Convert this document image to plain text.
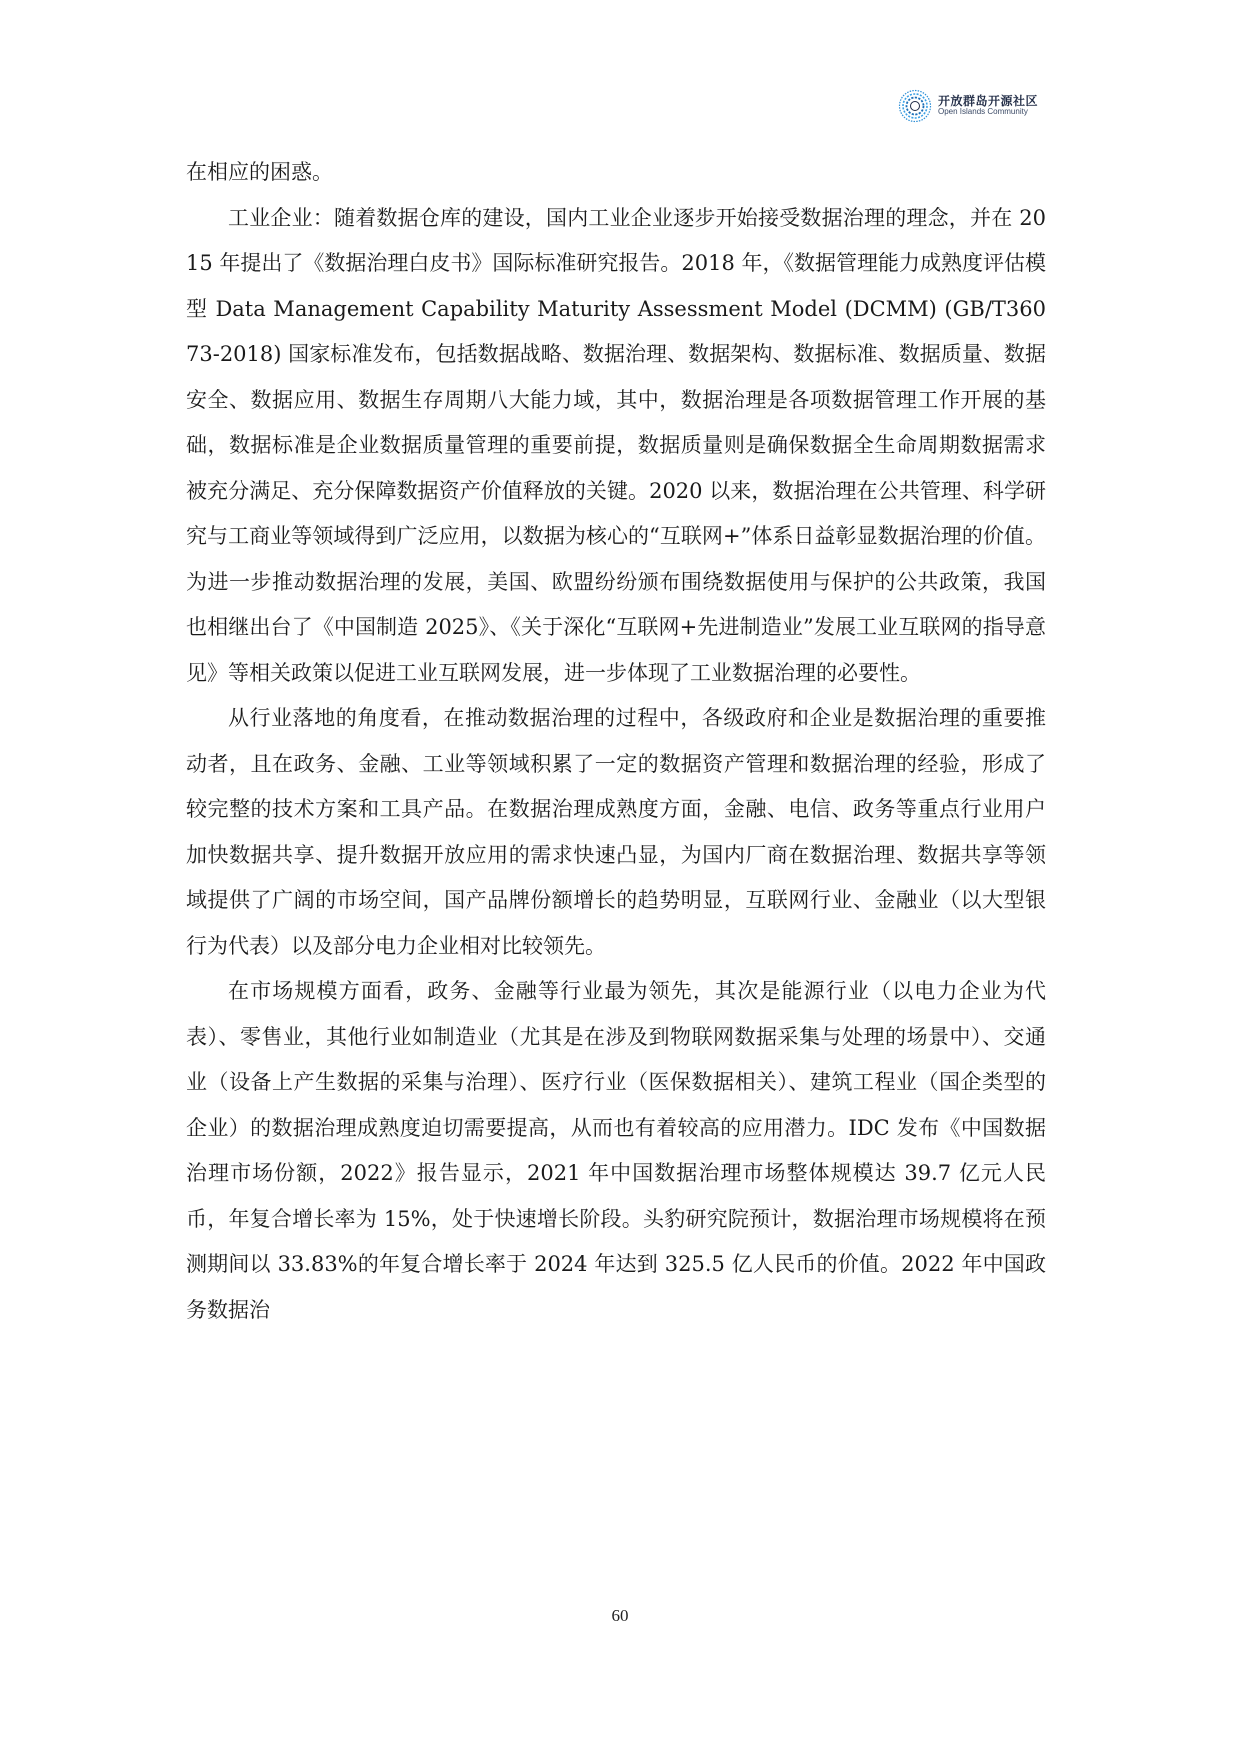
开放群岛开源社区
Open Islands Community

在相应的困惑。

工业企业：随着数据仓库的建设，国内工业企业逐步开始接受数据治理的理念，并在 2015 年提出了《数据治理白皮书》国际标准研究报告。2018 年，《数据管理能力成熟度评估模型 Data Management Capability Maturity Assessment Model (DCMM) (GB/T36073-2018) 国家标准发布，包括数据战略、数据治理、数据架构、数据标准、数据质量、数据安全、数据应用、数据生存周期八大能力域，其中，数据治理是各项数据管理工作开展的基础，数据标准是企业数据质量管理的重要前提，数据质量则是确保数据全生命周期数据需求被充分满足、充分保障数据资产价值释放的关键。2020 以来，数据治理在公共管理、科学研究与工商业等领域得到广泛应用，以数据为核心的“互联网+”体系日益彰显数据治理的价值。为进一步推动数据治理的发展，美国、欧盟纷纷颁布围绕数据使用与保护的公共政策，我国也相继出台了《中国制造 2025》、《关于深化“互联网+先进制造业”发展工业互联网的指导意见》等相关政策以促进工业互联网发展，进一步体现了工业数据治理的必要性。

从行业落地的角度看，在推动数据治理的过程中，各级政府和企业是数据治理的重要推动者，且在政务、金融、工业等领域积累了一定的数据资产管理和数据治理的经验，形成了较完整的技术方案和工具产品。在数据治理成熟度方面，金融、电信、政务等重点行业用户加快数据共享、提升数据开放应用的需求快速凸显，为国内厂商在数据治理、数据共享等领域提供了广阔的市场空间，国产品牌份额增长的趋势明显，互联网行业、金融业（以大型银行为代表）以及部分电力企业相对比较领先。

在市场规模方面看，政务、金融等行业最为领先，其次是能源行业（以电力企业为代表）、零售业，其他行业如制造业（尤其是在涉及到物联网数据采集与处理的场景中）、交通业（设备上产生数据的采集与治理）、医疗行业（医保数据相关）、建筑工程业（国企类型的企业）的数据治理成熟度迫切需要提高，从而也有着较高的应用潜力。IDC 发布《中国数据治理市场份额，2022》报告显示，2021 年中国数据治理市场整体规模达 39.7 亿元人民币，年复合增长率为 15%，处于快速增长阶段。头豹研究院预计，数据治理市场规模将在预测期间以 33.83%的年复合增长率于 2024 年达到 325.5 亿人民币的价值。2022 年中国政务数据治

60
